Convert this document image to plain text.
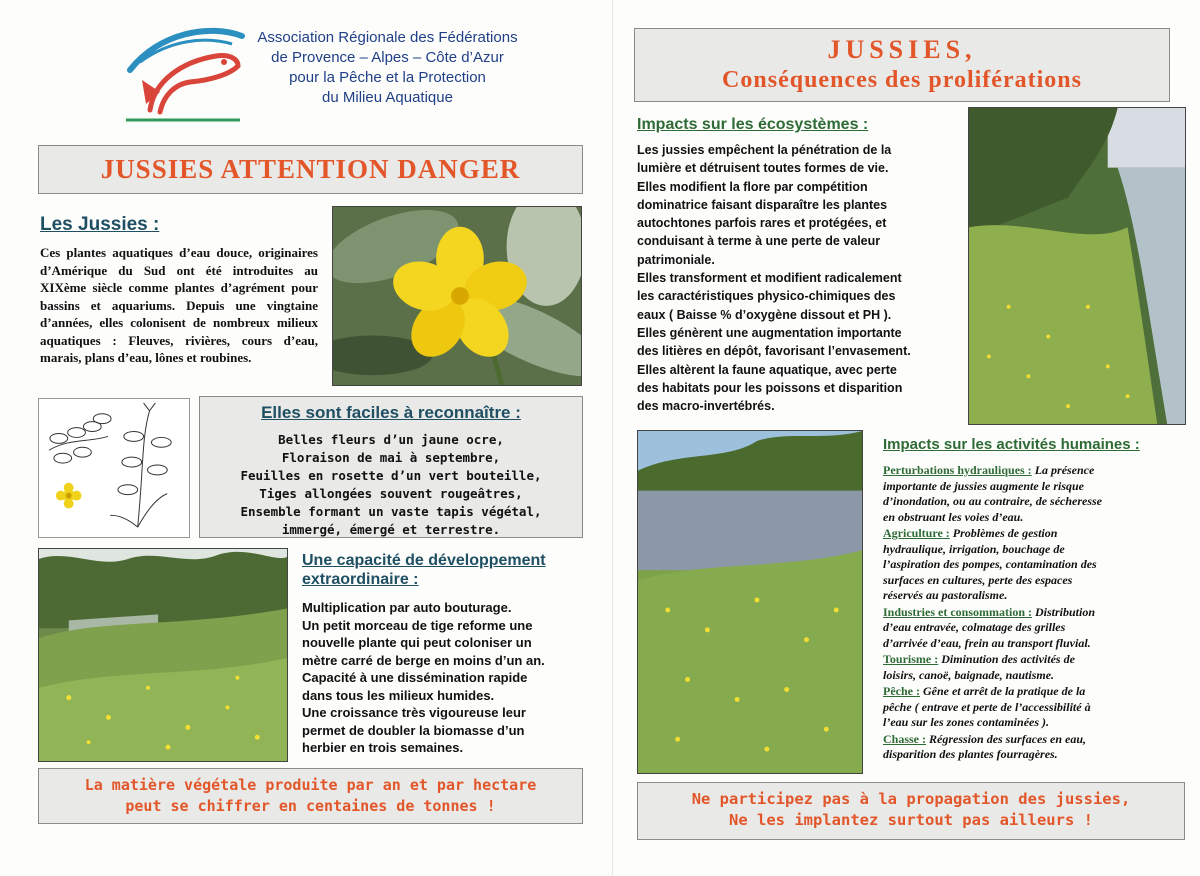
Association Régionale des Fédérations
de Provence – Alpes – Côte d’Azur
pour la Pêche et la Protection
du Milieu Aquatique
JUSSIES ATTENTION DANGER
Les Jussies :
Ces plantes aquatiques d’eau douce, originaires d’Amérique du Sud ont été introduites au XIXème siècle comme plantes d’agrément pour bassins et aquariums. Depuis une vingtaine d’années, elles colonisent de nombreux milieux aquatiques : Fleuves, rivières, cours d’eau, marais, plans d’eau, lônes et roubines.
Elles sont faciles à reconnaître :
Belles fleurs d’un jaune ocre,
Floraison de mai à septembre,
Feuilles en rosette d’un vert bouteille,
Tiges allongées souvent rougeâtres,
Ensemble formant un vaste tapis végétal,
immergé, émergé et terrestre.
Une capacité de développement
extraordinaire :
Multiplication par auto bouturage.
Un petit morceau de tige reforme une
nouvelle plante qui peut coloniser un
mètre carré de berge en moins d’un an.
Capacité à une dissémination rapide
dans tous les milieux humides.
Une croissance très vigoureuse leur
permet de doubler la biomasse d’un
herbier en trois semaines.
La matière végétale produite par an et par hectare
peut se chiffrer en centaines de tonnes !
JUSSIES,
Conséquences des proliférations
Impacts sur les écosystèmes :
Les jussies empêchent la pénétration de la
lumière et détruisent toutes formes de vie.
Elles modifient la flore par compétition
dominatrice faisant disparaître les plantes
autochtones parfois rares et protégées, et
conduisant à terme à une perte de valeur
patrimoniale.
Elles transforment et modifient radicalement
les caractéristiques physico-chimiques des
eaux ( Baisse % d’oxygène dissout et PH ).
Elles génèrent une augmentation importante
des litières en dépôt, favorisant l’envasement.
Elles altèrent la faune aquatique, avec perte
des habitats pour les poissons et disparition
des macro-invertébrés.
Impacts sur les activités humaines :
Perturbations hydrauliques : La présence
importante de jussies augmente le risque
d’inondation, ou au contraire, de sécheresse
en obstruant les voies d’eau.
Agriculture : Problèmes de gestion
hydraulique, irrigation, bouchage de
l’aspiration des pompes, contamination des
surfaces en cultures, perte des espaces
réservés au pastoralisme.
Industries et consommation : Distribution
d’eau entravée, colmatage des grilles
d’arrivée d’eau, frein au transport fluvial.
Tourisme : Diminution des activités de
loisirs, canoë, baignade, nautisme.
Pêche : Gêne et arrêt de la pratique de la
pêche ( entrave et perte de l’accessibilité à
l’eau sur les zones contaminées ).
Chasse : Régression des surfaces en eau,
disparition des plantes fourragères.
Ne participez pas à la propagation des jussies,
Ne les implantez surtout pas ailleurs !
